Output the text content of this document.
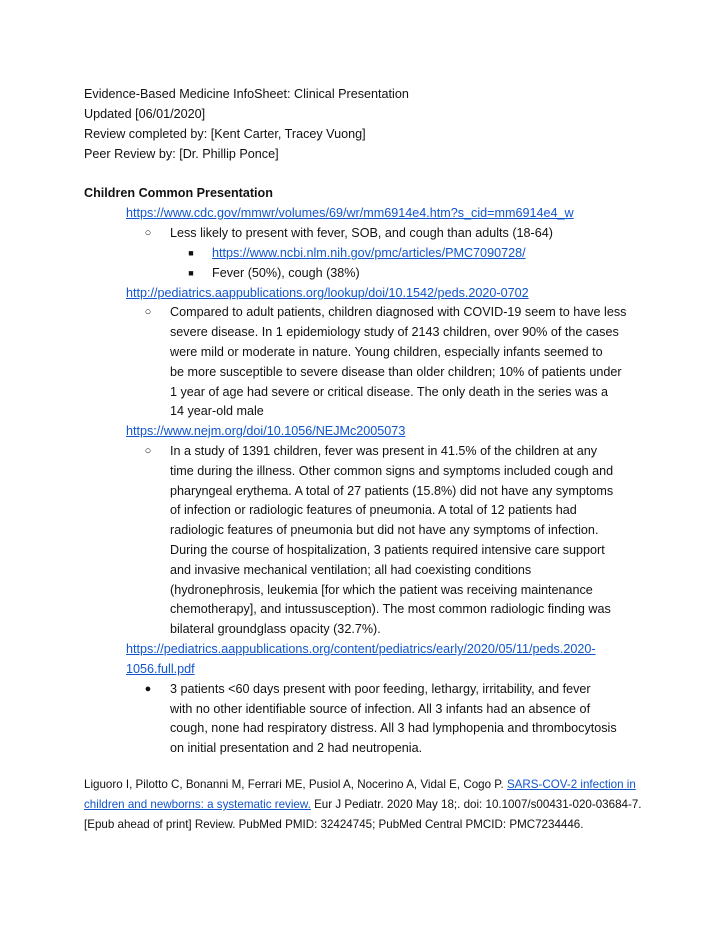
Evidence-Based Medicine InfoSheet: Clinical Presentation
Updated [06/01/2020]
Review completed by: [Kent Carter, Tracey Vuong]
Peer Review by: [Dr. Phillip Ponce]
Children Common Presentation
https://www.cdc.gov/mmwr/volumes/69/wr/mm6914e4.htm?s_cid=mm6914e4_w
○ Less likely to present with fever, SOB, and cough than adults (18-64)
■ https://www.ncbi.nlm.nih.gov/pmc/articles/PMC7090728/
■ Fever (50%), cough (38%)
http://pediatrics.aappublications.org/lookup/doi/10.1542/peds.2020-0702
○ Compared to adult patients, children diagnosed with COVID-19 seem to have less
severe disease. In 1 epidemiology study of 2143 children, over 90% of the cases
were mild or moderate in nature. Young children, especially infants seemed to
be more susceptible to severe disease than older children; 10% of patients under
1 year of age had severe or critical disease. The only death in the series was a
14 year-old male
https://www.nejm.org/doi/10.1056/NEJMc2005073
○ In a study of 1391 children, fever was present in 41.5% of the children at any
time during the illness. Other common signs and symptoms included cough and
pharyngeal erythema. A total of 27 patients (15.8%) did not have any symptoms
of infection or radiologic features of pneumonia. A total of 12 patients had
radiologic features of pneumonia but did not have any symptoms of infection.
During the course of hospitalization, 3 patients required intensive care support
and invasive mechanical ventilation; all had coexisting conditions
(hydronephrosis, leukemia [for which the patient was receiving maintenance
chemotherapy], and intussusception). The most common radiologic finding was
bilateral groundglass opacity (32.7%).
https://pediatrics.aappublications.org/content/pediatrics/early/2020/05/11/peds.2020-
1056.full.pdf
● 3 patients <60 days present with poor feeding, lethargy, irritability, and fever
with no other identifiable source of infection. All 3 infants had an absence of
cough, none had respiratory distress. All 3 had lymphopenia and thrombocytosis
on initial presentation and 2 had neutropenia.
Liguoro I, Pilotto C, Bonanni M, Ferrari ME, Pusiol A, Nocerino A, Vidal E, Cogo P. SARS-COV-2 infection in children and newborns: a systematic review. Eur J Pediatr. 2020 May 18;. doi: 10.1007/s00431-020-03684-7. [Epub ahead of print] Review. PubMed PMID: 32424745; PubMed Central PMCID: PMC7234446.
